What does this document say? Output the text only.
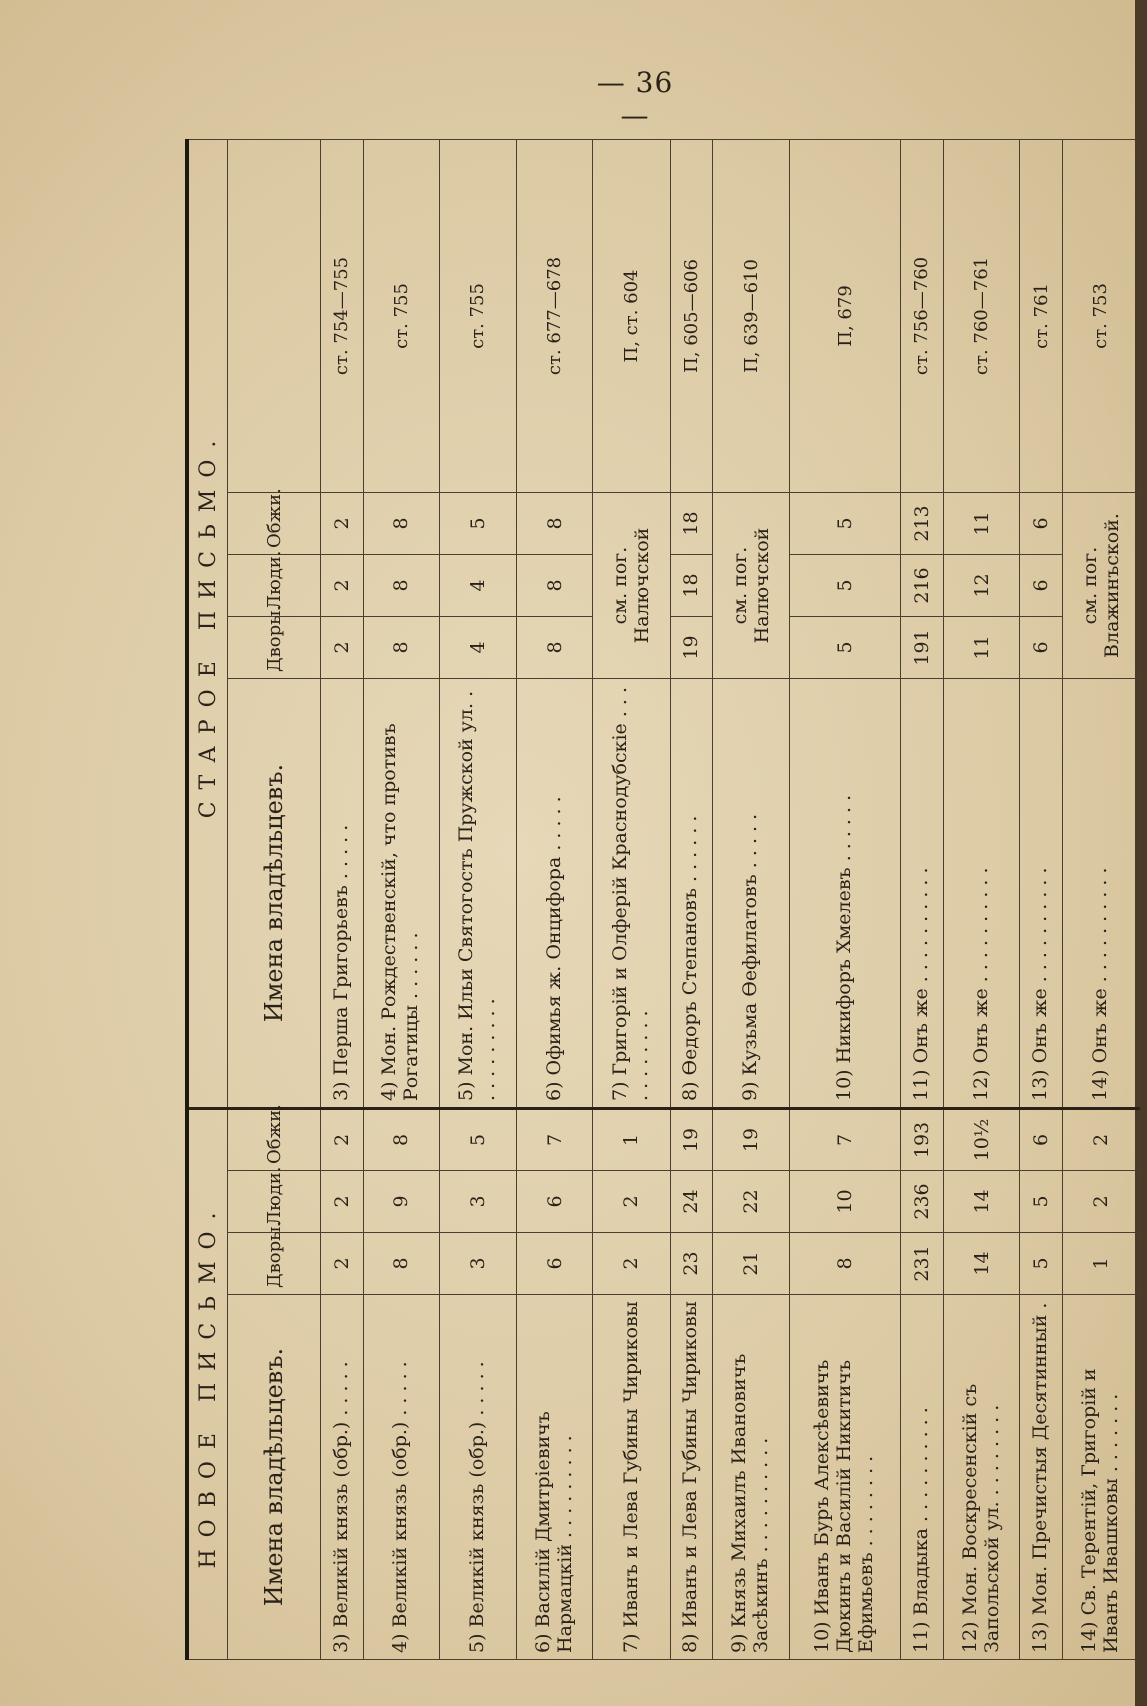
— 36 —
НОВОЕ ПИСЬМО.				СТАРОЕ ПИСЬМО.				
Имена владѣльцевъ.	Дворы.	Люди.	Обжи.	Имена владѣльцевъ.	Дворы.	Люди.	Обжи.	
3) Великій князь (обр.) . . . . .	2	2	2	3) Перша Григорьевъ . . . . .	2	2	2	ст. 754—755
4) Великій князь (обр.) . . . . .	8	9	8	4) Мон. Рождественскій, что противъ Рогатицы . . . . . .	8	8	8	ст. 755
5) Великій князь (обр.) . . . . .	3	3	5	5) Мон. Ильи Святогостъ Пружской ул. . . . . . . . . . .	4	4	5	ст. 755
6) Василій Дмитріевичъ Нармацкій . . . . . . . . .	6	6	7	6) Офимья ж. Онцифора . . . . .	8	8	8	ст. 677—678
7) Иванъ и Лева Губины Чириковы	2	2	1	7) Григорій и Олферій Краснодубскіе . . . . . . . . . . .	см. пог. Налючской			П, ст. 604
8) Иванъ и Лева Губины Чириковы	23	24	19	8) Ѳедоръ Степановъ . . . . . .	19	18	18	П, 605—606
9) Князь Михаилъ Ивановичъ Засѣкинъ . . . . . . . . . .	21	22	19	9) Кузьма Ѳефилатовъ . . . . .	см. пог. Налючской			П, 639—610
10) Иванъ Буръ Алексѣевичъ Дюкинъ и Василій Никитичъ Ефимьевъ . . . . . . . .	8	10	7	10) Никифоръ Хмелевъ . . . . . .	5	5	5	П, 679
11) Владыка . . . . . . . . . .	231	236	193	11) Онъ же . . . . . . . . . .	191	216	213	ст. 756—760
12) Мон. Воскресенскій съ Запольской ул. . . . . . . . .	14	14	10½	12) Онъ же . . . . . . . . . .	11	12	11	ст. 760—761
13) Мон. Пречистыя Десятинный .	5	5	6	13) Онъ же . . . . . . . . . .	6	6	6	ст. 761
14) Св. Терентій, Григорій и Иванъ Ивашковы . . . . . . .	1	2	2	14) Онъ же . . . . . . . . . .	см. пог. Влажинъской.			ст. 753
